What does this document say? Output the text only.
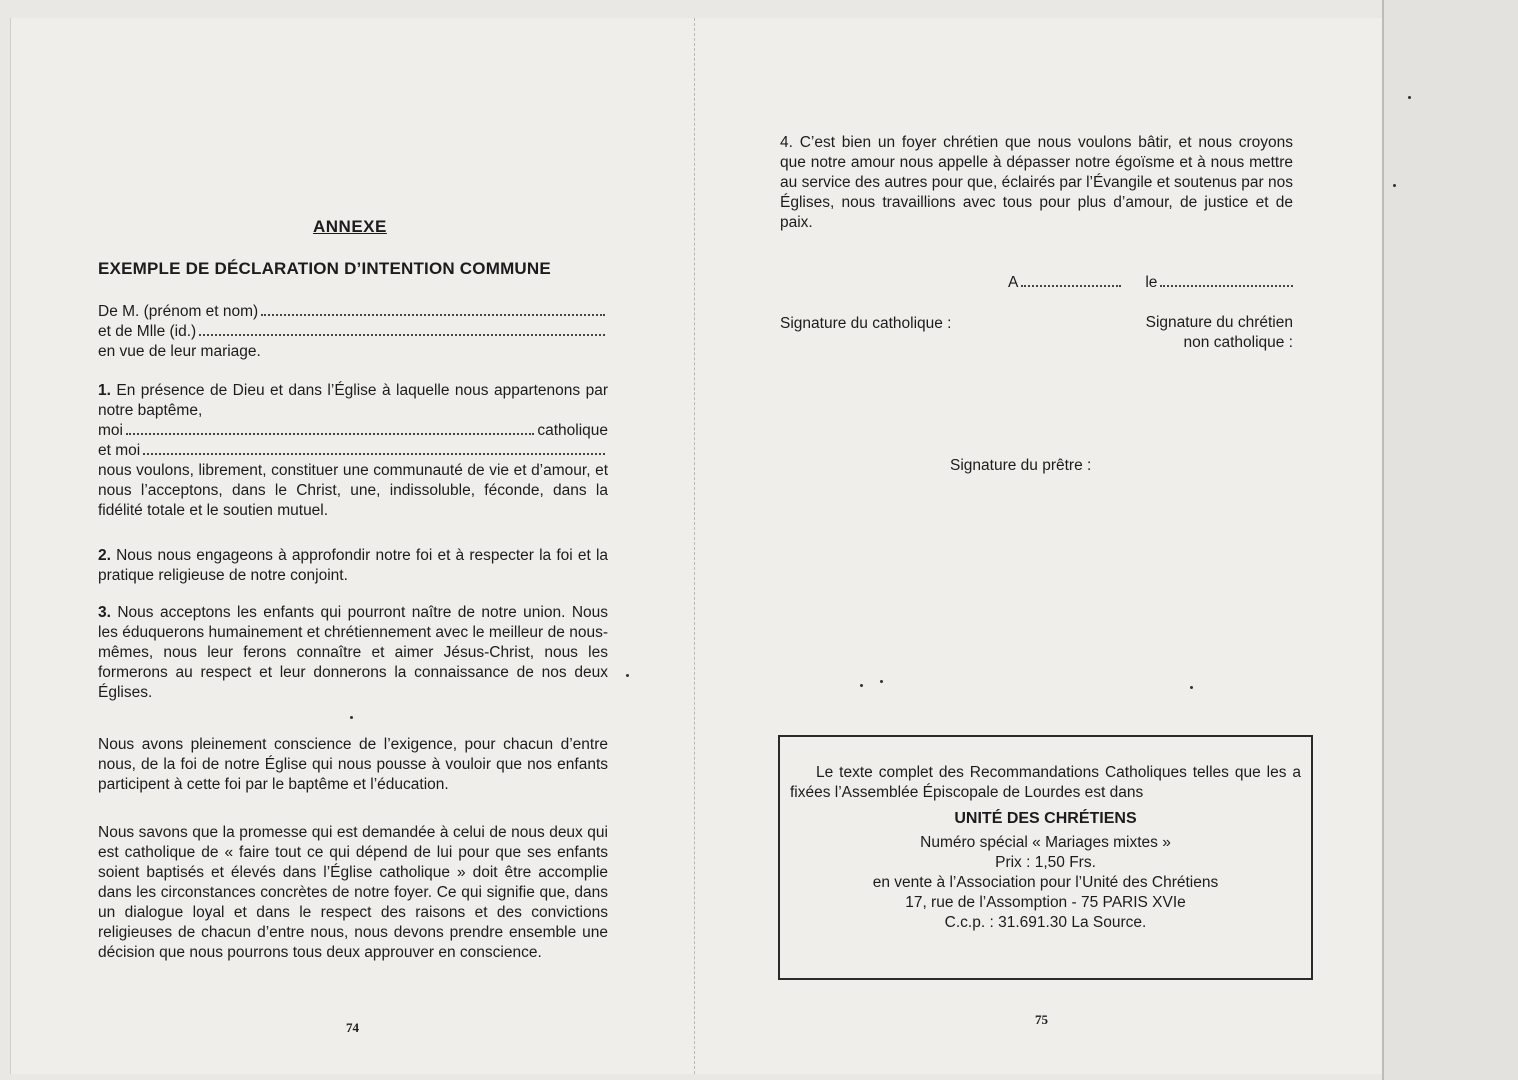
ANNEXE
EXEMPLE DE DÉCLARATION D’INTENTION COMMUNE
De M. (prénom et nom)
et de Mlle (id.)
en vue de leur mariage.

1. En présence de Dieu et dans l’Église à laquelle nous appartenons par notre baptême,

moi	catholique
et moi

nous voulons, librement, constituer une communauté de vie et d’amour, et nous l’acceptons, dans le Christ, une, indissoluble, féconde, dans la fidélité totale et le soutien mutuel.

2. Nous nous engageons à approfondir notre foi et à respecter la foi et la pratique religieuse de notre conjoint.
3. Nous acceptons les enfants qui pourront naître de notre union. Nous les éduquerons humainement et chrétiennement avec le meilleur de nous-mêmes, nous leur ferons connaître et aimer Jésus-Christ, nous les formerons au respect et leur donnerons la connaissance de nos deux Églises.
Nous avons pleinement conscience de l’exigence, pour chacun d’entre nous, de la foi de notre Église qui nous pousse à vouloir que nos enfants participent à cette foi par le baptême et l’éducation.
Nous savons que la promesse qui est demandée à celui de nous deux qui est catholique de « faire tout ce qui dépend de lui pour que ses enfants soient baptisés et élevés dans l’Église catholique » doit être accomplie dans les circonstances concrètes de notre foyer. Ce qui signifie que, dans un dialogue loyal et dans le respect des raisons et des convictions religieuses de chacun d’entre nous, nous devons prendre ensemble une décision que nous pourrons tous deux approuver en conscience.
74
4. C’est bien un foyer chrétien que nous voulons bâtir, et nous croyons que notre amour nous appelle à dépasser notre égoïsme et à nous mettre au service des autres pour que, éclairés par l’Évangile et soutenus par nos Églises, nous travaillions avec tous pour plus d’amour, de justice et de paix.
A	le
Signature du catholique :	Signature du chrétien
non catholique :
Signature du prêtre :
75
Le texte complet des Recommandations Catholiques telles que les a fixées l’Assemblée Épiscopale de Lourdes est dans
UNITÉ DES CHRÉTIENS
Numéro spécial « Mariages mixtes »
Prix : 1,50 Frs.
en vente à l’Association pour l’Unité des Chrétiens
17, rue de l’Assomption - 75 PARIS XVIe
C.c.p. : 31.691.30 La Source.
